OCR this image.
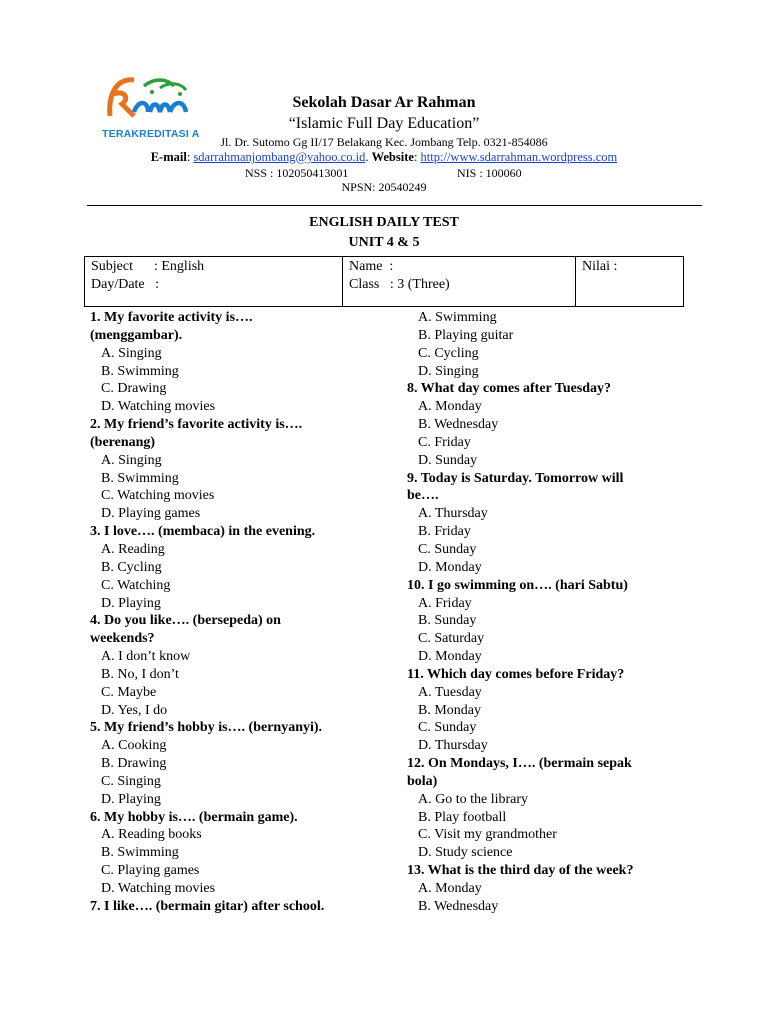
TERAKREDITASI A
Sekolah Dasar Ar Rahman
“Islamic Full Day Education”
Jl. Dr. Sutomo Gg II/17 Belakang Kec. Jombang Telp. 0321-854086
E-mail: sdarrahmanjombang@yahoo.co.id. Website: http://www.sdarrahman.wordpress.com
NSS : 102050413001	NIS : 100060
NPSN: 20540249
ENGLISH DAILY TEST
UNIT 4 & 5
Subject      : English
Day/Date   :

Name  :
Class   : 3 (Three)

Nilai :
1. My favorite activity is….
(menggambar).
A. Singing
B. Swimming
C. Drawing
D. Watching movies
2. My friend’s favorite activity is….
(berenang)
A. Singing
B. Swimming
C. Watching movies
D. Playing games
3. I love…. (membaca) in the evening.
A. Reading
B. Cycling
C. Watching
D. Playing
4. Do you like…. (bersepeda) on
weekends?
A. I don’t know
B. No, I don’t
C. Maybe
D. Yes, I do
5. My friend’s hobby is…. (bernyanyi).
A. Cooking
B. Drawing
C. Singing
D. Playing
6. My hobby is…. (bermain game).
A. Reading books
B. Swimming
C. Playing games
D. Watching movies
7. I like…. (bermain gitar) after school.
A. Swimming
B. Playing guitar
C. Cycling
D. Singing
8. What day comes after Tuesday?
A. Monday
B. Wednesday
C. Friday
D. Sunday
9. Today is Saturday. Tomorrow will
be….
A. Thursday
B. Friday
C. Sunday
D. Monday
10. I go swimming on…. (hari Sabtu)
A. Friday
B. Sunday
C. Saturday
D. Monday
11. Which day comes before Friday?
A. Tuesday
B. Monday
C. Sunday
D. Thursday
12. On Mondays, I…. (bermain sepak
bola)
A. Go to the library
B. Play football
C. Visit my grandmother
D. Study science
13. What is the third day of the week?
A. Monday
B. Wednesday
